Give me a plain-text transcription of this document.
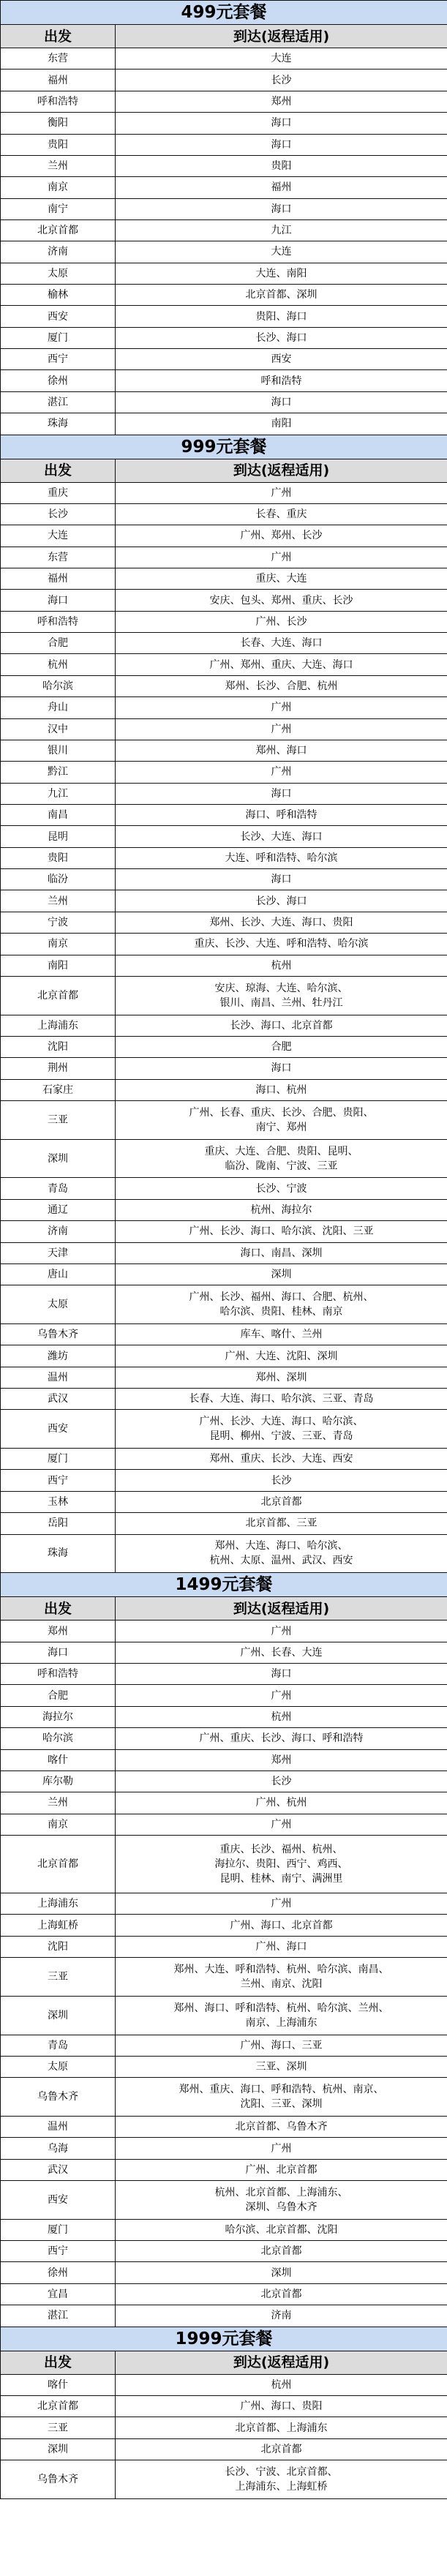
499元套餐	
出发	到达(返程适用)
东营	大连

福州	长沙

呼和浩特	郑州

衡阳	海口

贵阳	海口

兰州	贵阳

南京	福州

南宁	海口

北京首都	九江

济南	大连

太原	大连、南阳

榆林	北京首都、深圳

西安	贵阳、海口

厦门	长沙、海口

西宁	西安

徐州	呼和浩特

湛江	海口

珠海	南阳

999元套餐	
出发	到达(返程适用)
重庆	广州

长沙	长春、重庆

大连	广州、郑州、长沙

东营	广州

福州	重庆、大连

海口	安庆、包头、郑州、重庆、长沙

呼和浩特	广州、长沙

合肥	长春、大连、海口

杭州	广州、郑州、重庆、大连、海口

哈尔滨	郑州、长沙、合肥、杭州

舟山	广州

汉中	广州

银川	郑州、海口

黔江	广州

九江	海口

南昌	海口、呼和浩特

昆明	长沙、大连、海口

贵阳	大连、呼和浩特、哈尔滨

临汾	海口

兰州	长沙、海口

宁波	郑州、长沙、大连、海口、贵阳

南京	重庆、长沙、大连、呼和浩特、哈尔滨

南阳	杭州

北京首都	安庆、琼海、大连、哈尔滨、
银川、南昌、兰州、牡丹江

上海浦东	长沙、海口、北京首都

沈阳	合肥

荆州	海口

石家庄	海口、杭州

三亚	广州、长春、重庆、长沙、合肥、贵阳、
南宁、郑州

深圳	重庆、大连、合肥、贵阳、昆明、
临汾、陇南、宁波、三亚

青岛	长沙、宁波

通辽	杭州、海拉尔

济南	广州、长沙、海口、哈尔滨、沈阳、三亚

天津	海口、南昌、深圳

唐山	深圳

太原	广州、长沙、福州、海口、合肥、杭州、
哈尔滨、贵阳、桂林、南京

乌鲁木齐	库车、喀什、兰州

潍坊	广州、大连、沈阳、深圳

温州	郑州、深圳

武汉	长春、大连、海口、哈尔滨、三亚、青岛

西安	广州、长沙、大连、海口、哈尔滨、
昆明、柳州、宁波、三亚、青岛

厦门	郑州、重庆、长沙、大连、西安

西宁	长沙

玉林	北京首都

岳阳	北京首都、三亚

珠海	郑州、大连、海口、哈尔滨、
杭州、太原、温州、武汉、西安

1499元套餐	
出发	到达(返程适用)
郑州	广州

海口	广州、长春、大连

呼和浩特	海口

合肥	广州

海拉尔	杭州

哈尔滨	广州、重庆、长沙、海口、呼和浩特

喀什	郑州

库尔勒	长沙

兰州	广州、杭州

南京	广州

北京首都	重庆、长沙、福州、杭州、
海拉尔、贵阳、西宁、鸡西、
昆明、桂林、南宁、满洲里

上海浦东	广州

上海虹桥	广州、海口、北京首都

沈阳	广州、海口

三亚	郑州、大连、呼和浩特、杭州、哈尔滨、南昌、
兰州、南京、沈阳

深圳	郑州、海口、呼和浩特、杭州、哈尔滨、兰州、
南京、上海浦东

青岛	广州、海口、三亚

太原	三亚、深圳

乌鲁木齐	郑州、重庆、海口、呼和浩特、杭州、南京、
沈阳、三亚、深圳

温州	北京首都、乌鲁木齐

乌海	广州

武汉	广州、北京首都

西安	杭州、北京首都、上海浦东、
深圳、乌鲁木齐

厦门	哈尔滨、北京首都、沈阳

西宁	北京首都

徐州	深圳

宜昌	北京首都

湛江	济南

1999元套餐	
出发	到达(返程适用)
喀什	杭州

北京首都	广州、海口、贵阳

三亚	北京首都、上海浦东

深圳	北京首都

乌鲁木齐	长沙、宁波、北京首都、
上海浦东、上海虹桥
